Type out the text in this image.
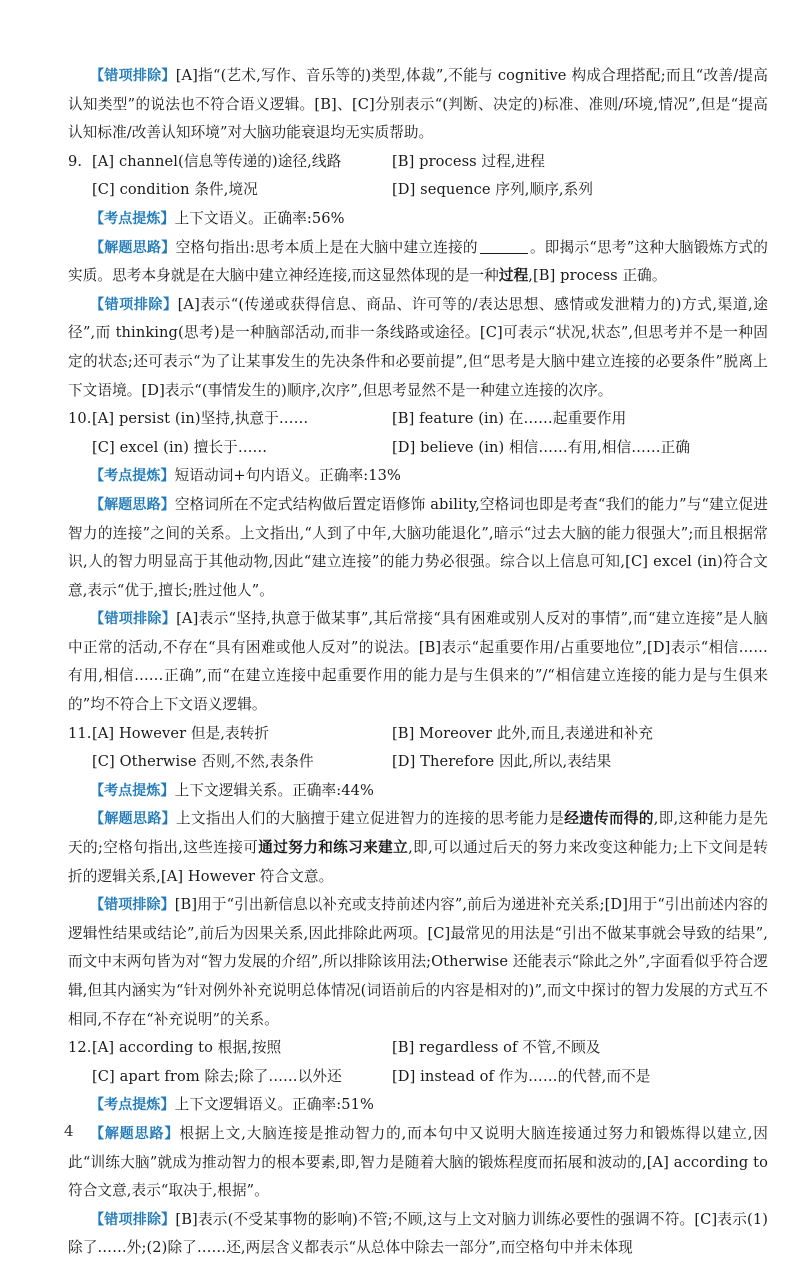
【错项排除】[A]指“(艺术,写作、音乐等的)类型,体裁”,不能与 cognitive 构成合理搭配;而且“改善/提高认知类型”的说法也不符合语义逻辑。[B]、[C]分别表示“(判断、决定的)标准、准则/环境,情况”,但是“提高认知标准/改善认知环境”对大脑功能衰退均无实质帮助。

9. [A] channel(信息等传递的)途径,线路	[B] process 过程,进程
[C] condition 条件,境况	[D] sequence 序列,顺序,系列

【考点提炼】上下文语义。正确率:56%

【解题思路】空格句指出:思考本质上是在大脑中建立连接的	。即揭示“思考”这种大脑锻炼方式的实质。思考本身就是在大脑中建立神经连接,而这显然体现的是一种过程,[B] process 正确。

【错项排除】[A]表示“(传递或获得信息、商品、许可等的/表达思想、感情或发泄精力的)方式,渠道,途径”,而 thinking(思考)是一种脑部活动,而非一条线路或途径。[C]可表示“状况,状态”,但思考并不是一种固定的状态;还可表示“为了让某事发生的先决条件和必要前提”,但“思考是大脑中建立连接的必要条件”脱离上下文语境。[D]表示“(事情发生的)顺序,次序”,但思考显然不是一种建立连接的次序。

10. [A] persist (in)坚持,执意于……	[B] feature (in) 在……起重要作用
[C] excel (in) 擅长于……	[D] believe (in) 相信……有用,相信……正确

【考点提炼】短语动词+句内语义。正确率:13%

【解题思路】空格词所在不定式结构做后置定语修饰 ability,空格词也即是考查“我们的能力”与“建立促进智力的连接”之间的关系。上文指出,“人到了中年,大脑功能退化”,暗示“过去大脑的能力很强大”;而且根据常识,人的智力明显高于其他动物,因此“建立连接”的能力势必很强。综合以上信息可知,[C] excel (in)符合文意,表示“优于,擅长;胜过他人”。

【错项排除】[A]表示“坚持,执意于做某事”,其后常接“具有困难或别人反对的事情”,而“建立连接”是人脑中正常的活动,不存在“具有困难或他人反对”的说法。[B]表示“起重要作用/占重要地位”,[D]表示“相信……有用,相信……正确”,而“在建立连接中起重要作用的能力是与生俱来的”/“相信建立连接的能力是与生俱来的”均不符合上下文语义逻辑。

11. [A] However 但是,表转折	[B] Moreover 此外,而且,表递进和补充
[C] Otherwise 否则,不然,表条件	[D] Therefore 因此,所以,表结果

【考点提炼】上下文逻辑关系。正确率:44%

【解题思路】上文指出人们的大脑擅于建立促进智力的连接的思考能力是经遗传而得的,即,这种能力是先天的;空格句指出,这些连接可通过努力和练习来建立,即,可以通过后天的努力来改变这种能力;上下文间是转折的逻辑关系,[A] However 符合文意。

【错项排除】[B]用于“引出新信息以补充或支持前述内容”,前后为递进补充关系;[D]用于“引出前述内容的逻辑性结果或结论”,前后为因果关系,因此排除此两项。[C]最常见的用法是“引出不做某事就会导致的结果”,而文中末两句皆为对“智力发展的介绍”,所以排除该用法;Otherwise 还能表示“除此之外”,字面看似乎符合逻辑,但其内涵实为“针对例外补充说明总体情况(词语前后的内容是相对的)”,而文中探讨的智力发展的方式互不相同,不存在“补充说明”的关系。

12. [A] according to 根据,按照	[B] regardless of 不管,不顾及
[C] apart from 除去;除了……以外还	[D] instead of 作为……的代替,而不是

【考点提炼】上下文逻辑语义。正确率:51%

【解题思路】根据上文,大脑连接是推动智力的,而本句中又说明大脑连接通过努力和锻炼得以建立,因此“训练大脑”就成为推动智力的根本要素,即,智力是随着大脑的锻炼程度而拓展和波动的,[A] according to 符合文意,表示“取决于,根据”。

【错项排除】[B]表示(不受某事物的影响)不管;不顾,这与上文对脑力训练必要性的强调不符。[C]表示(1)除了……外;(2)除了……还,两层含义都表示“从总体中除去一部分”,而空格句中并未体现

4
